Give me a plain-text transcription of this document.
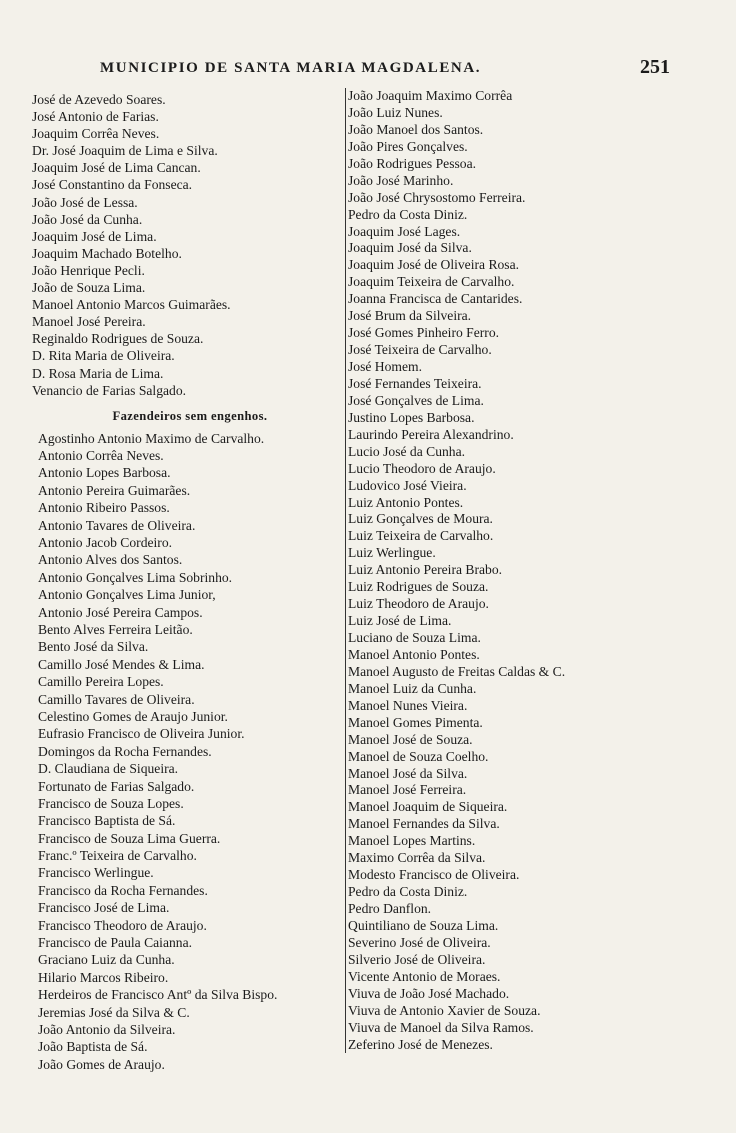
MUNICIPIO DE SANTA MARIA MAGDALENA.	251
José de Azevedo Soares.
José Antonio de Farias.
Joaquim Corrêa Neves.
Dr. José Joaquim de Lima e Silva.
Joaquim José de Lima Cancan.
José Constantino da Fonseca.
João José de Lessa.
João José da Cunha.
Joaquim José de Lima.
Joaquim Machado Botelho.
João Henrique Pecli.
João de Souza Lima.
Manoel Antonio Marcos Guimarães.
Manoel José Pereira.
Reginaldo Rodrigues de Souza.
D. Rita Maria de Oliveira.
D. Rosa Maria de Lima.
Venancio de Farias Salgado.
Fazendeiros sem engenhos.
Agostinho Antonio Maximo de Carvalho.
Antonio Corrêa Neves.
Antonio Lopes Barbosa.
Antonio Pereira Guimarães.
Antonio Ribeiro Passos.
Antonio Tavares de Oliveira.
Antonio Jacob Cordeiro.
Antonio Alves dos Santos.
Antonio Gonçalves Lima Sobrinho.
Antonio Gonçalves Lima Junior,
Antonio José Pereira Campos.
Bento Alves Ferreira Leitão.
Bento José da Silva.
Camillo José Mendes & Lima.
Camillo Pereira Lopes.
Camillo Tavares de Oliveira.
Celestino Gomes de Araujo Junior.
Eufrasio Francisco de Oliveira Junior.
Domingos da Rocha Fernandes.
D. Claudiana de Siqueira.
Fortunato de Farias Salgado.
Francisco de Souza Lopes.
Francisco Baptista de Sá.
Francisco de Souza Lima Guerra.
Franc.º Teixeira de Carvalho.
Francisco Werlingue.
Francisco da Rocha Fernandes.
Francisco José de Lima.
Francisco Theodoro de Araujo.
Francisco de Paula Caianna.
Graciano Luiz da Cunha.
Hilario Marcos Ribeiro.
Herdeiros de Francisco Antº da Silva Bispo.
Jeremias José da Silva & C.
João Antonio da Silveira.
João Baptista de Sá.
João Gomes de Araujo.
João Joaquim Maximo Corrêa
João Luiz Nunes.
João Manoel dos Santos.
João Pires Gonçalves.
João Rodrigues Pessoa.
João José Marinho.
João José Chrysostomo Ferreira.
Pedro da Costa Diniz.
Joaquim José Lages.
Joaquim José da Silva.
Joaquim José de Oliveira Rosa.
Joaquim Teixeira de Carvalho.
Joanna Francisca de Cantarides.
José Brum da Silveira.
José Gomes Pinheiro Ferro.
José Teixeira de Carvalho.
José Homem.
José Fernandes Teixeira.
José Gonçalves de Lima.
Justino Lopes Barbosa.
Laurindo Pereira Alexandrino.
Lucio José da Cunha.
Lucio Theodoro de Araujo.
Ludovico José Vieira.
Luiz Antonio Pontes.
Luiz Gonçalves de Moura.
Luiz Teixeira de Carvalho.
Luiz Werlingue.
Luiz Antonio Pereira Brabo.
Luiz Rodrigues de Souza.
Luiz Theodoro de Araujo.
Luiz José de Lima.
Luciano de Souza Lima.
Manoel Antonio Pontes.
Manoel Augusto de Freitas Caldas & C.
Manoel Luiz da Cunha.
Manoel Nunes Vieira.
Manoel Gomes Pimenta.
Manoel José de Souza.
Manoel de Souza Coelho.
Manoel José da Silva.
Manoel José Ferreira.
Manoel Joaquim de Siqueira.
Manoel Fernandes da Silva.
Manoel Lopes Martins.
Maximo Corrêa da Silva.
Modesto Francisco de Oliveira.
Pedro da Costa Diniz.
Pedro Danflon.
Quintiliano de Souza Lima.
Severino José de Oliveira.
Silverio José de Oliveira.
Vicente Antonio de Moraes.
Viuva de João José Machado.
Viuva de Antonio Xavier de Souza.
Viuva de Manoel da Silva Ramos.
Zeferino José de Menezes.
